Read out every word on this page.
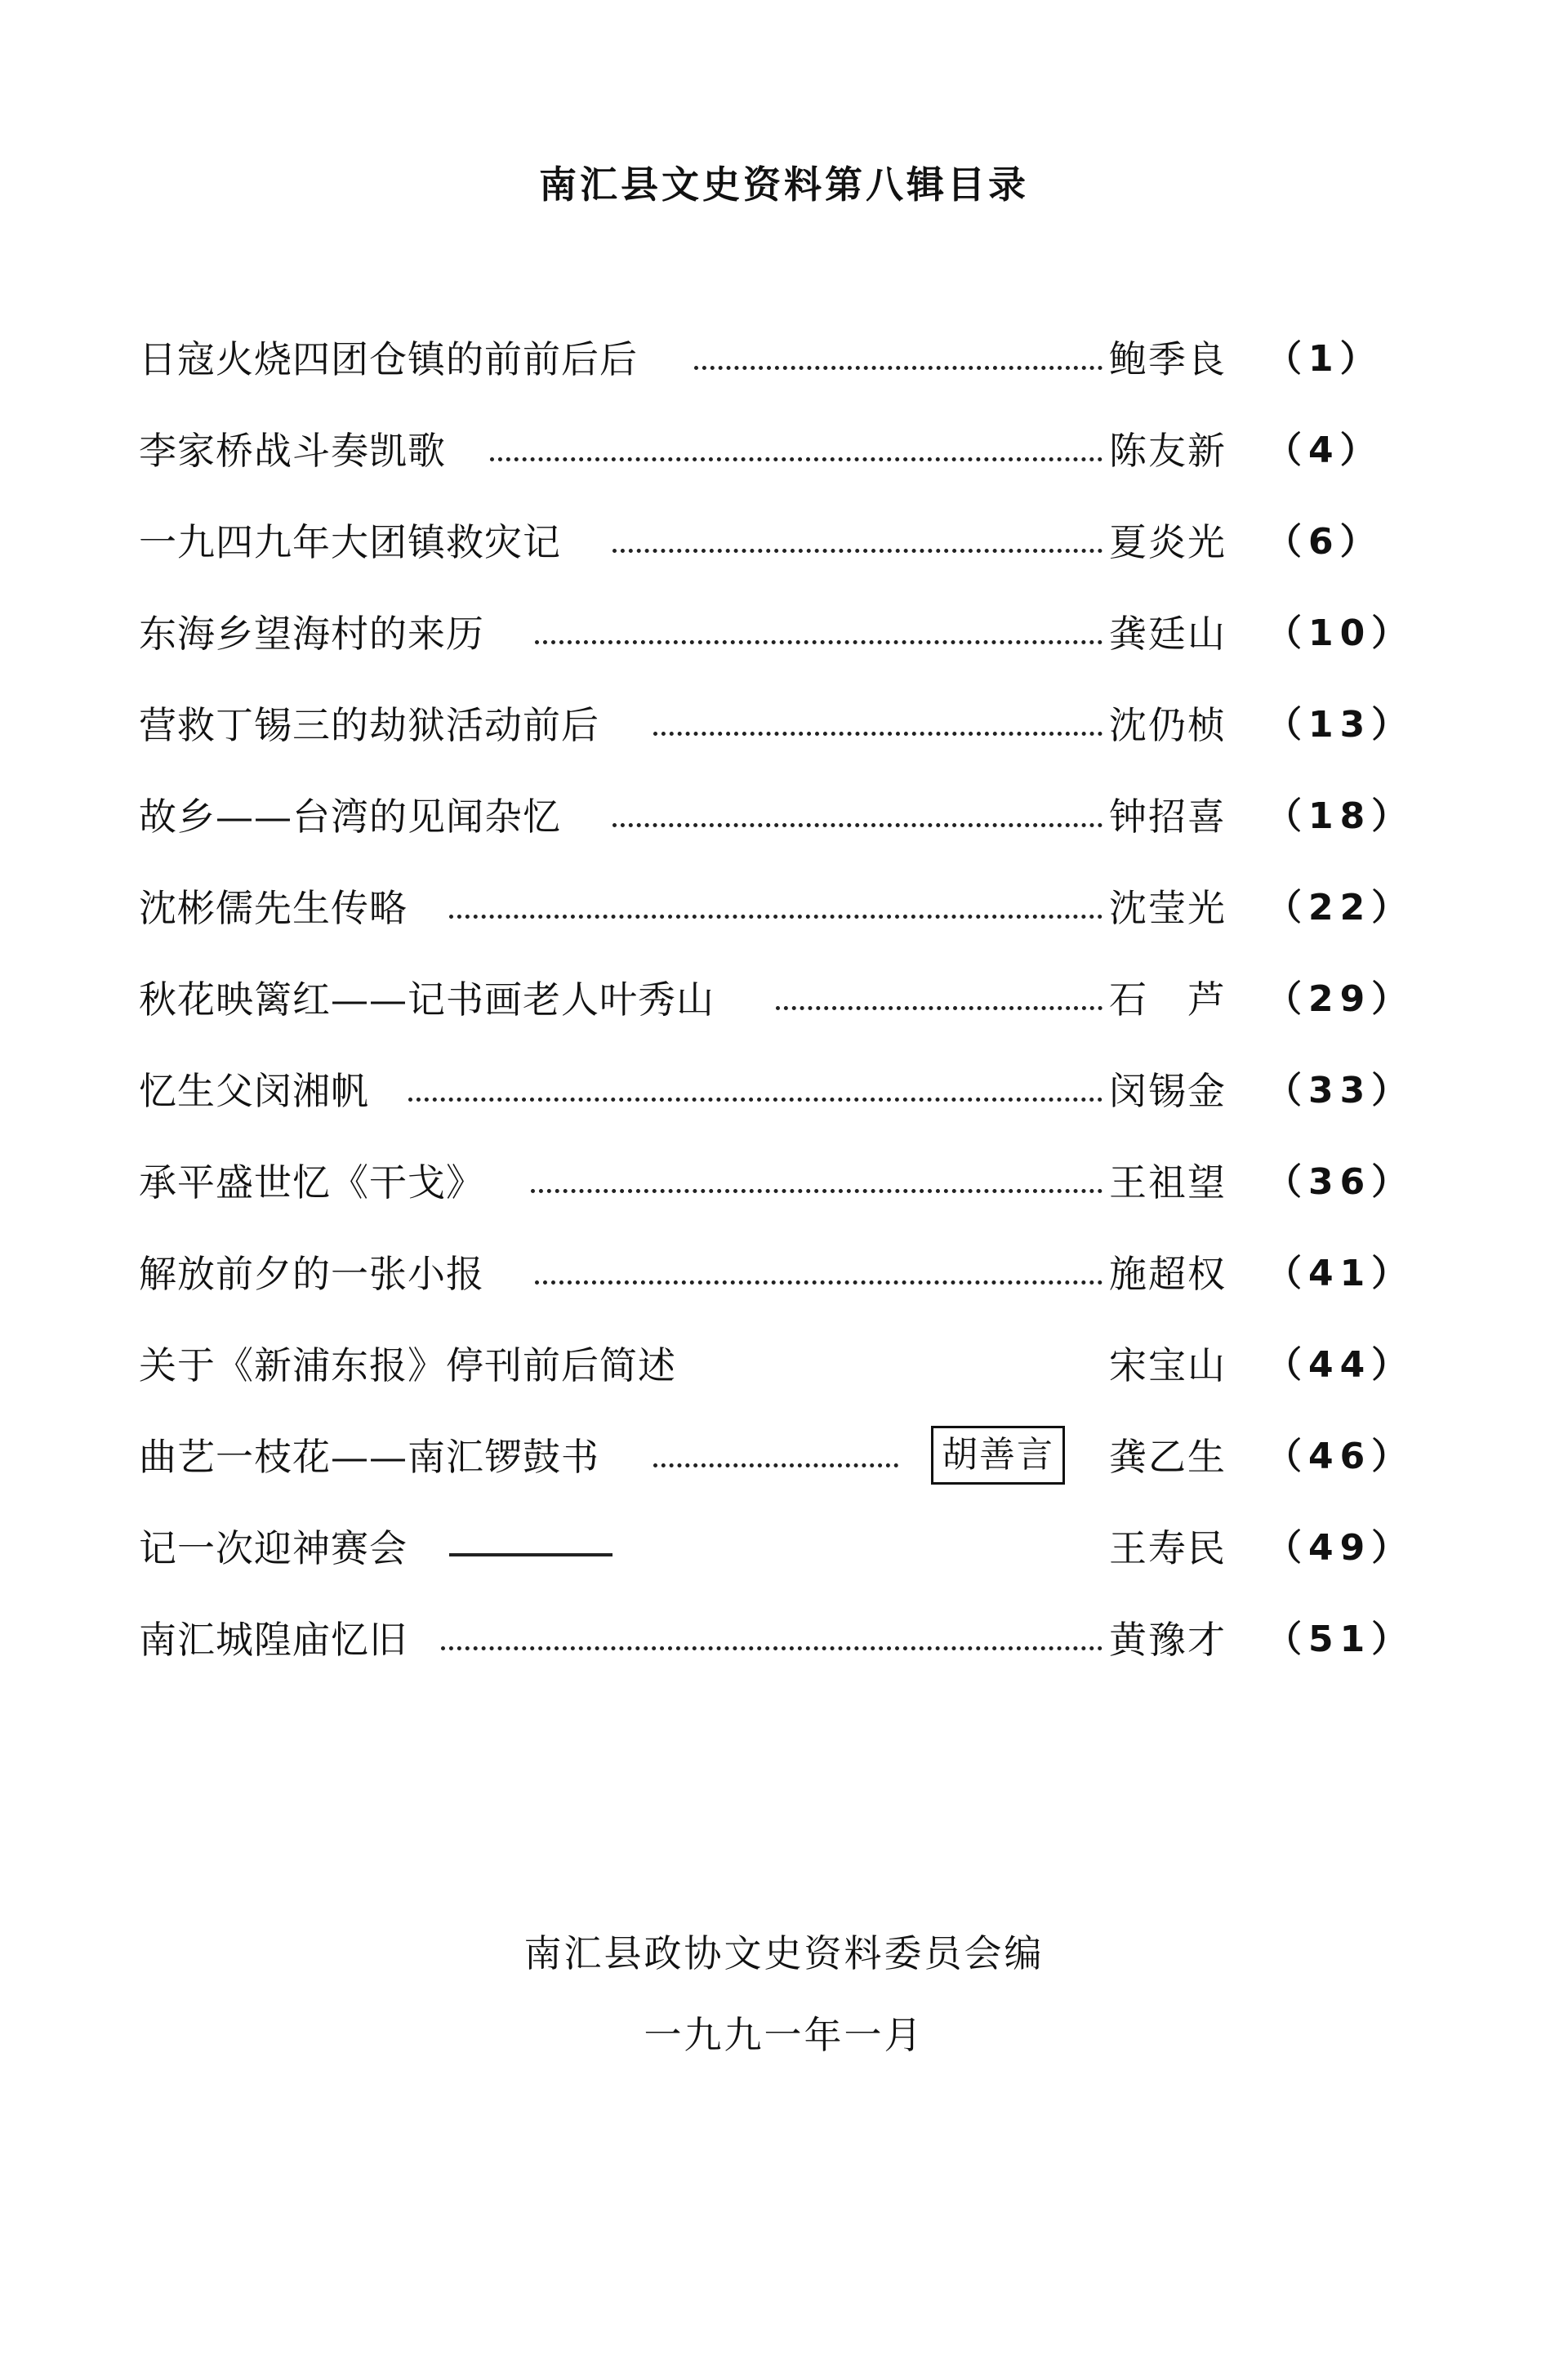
南汇县文史资料第八辑目录
日寇火烧四团仓镇的前前后后	鲍季良 （1）
李家桥战斗奏凯歌	陈友新 （4）
一九四九年大团镇救灾记	夏炎光 （6）
东海乡望海村的来历	龚廷山 （10）
营救丁锡三的劫狱活动前后	沈仍桢 （13）
故乡——台湾的见闻杂忆	钟招喜 （18）
沈彬儒先生传略	沈莹光 （22）
秋花映篱红——记书画老人叶秀山	石　芦 （29）
忆生父闵湘帆	闵锡金 （33）
承平盛世忆《干戈》	王祖望 （36）
解放前夕的一张小报	施超权 （41）
关于《新浦东报》停刊前后简述	宋宝山 （44）
曲艺一枝花——南汇锣鼓书	胡善言 龚乙生 （46）
记一次迎神赛会	王寿民 （49）
南汇城隍庙忆旧	黄豫才 （51）
南汇县政协文史资料委员会编
一九九一年一月
